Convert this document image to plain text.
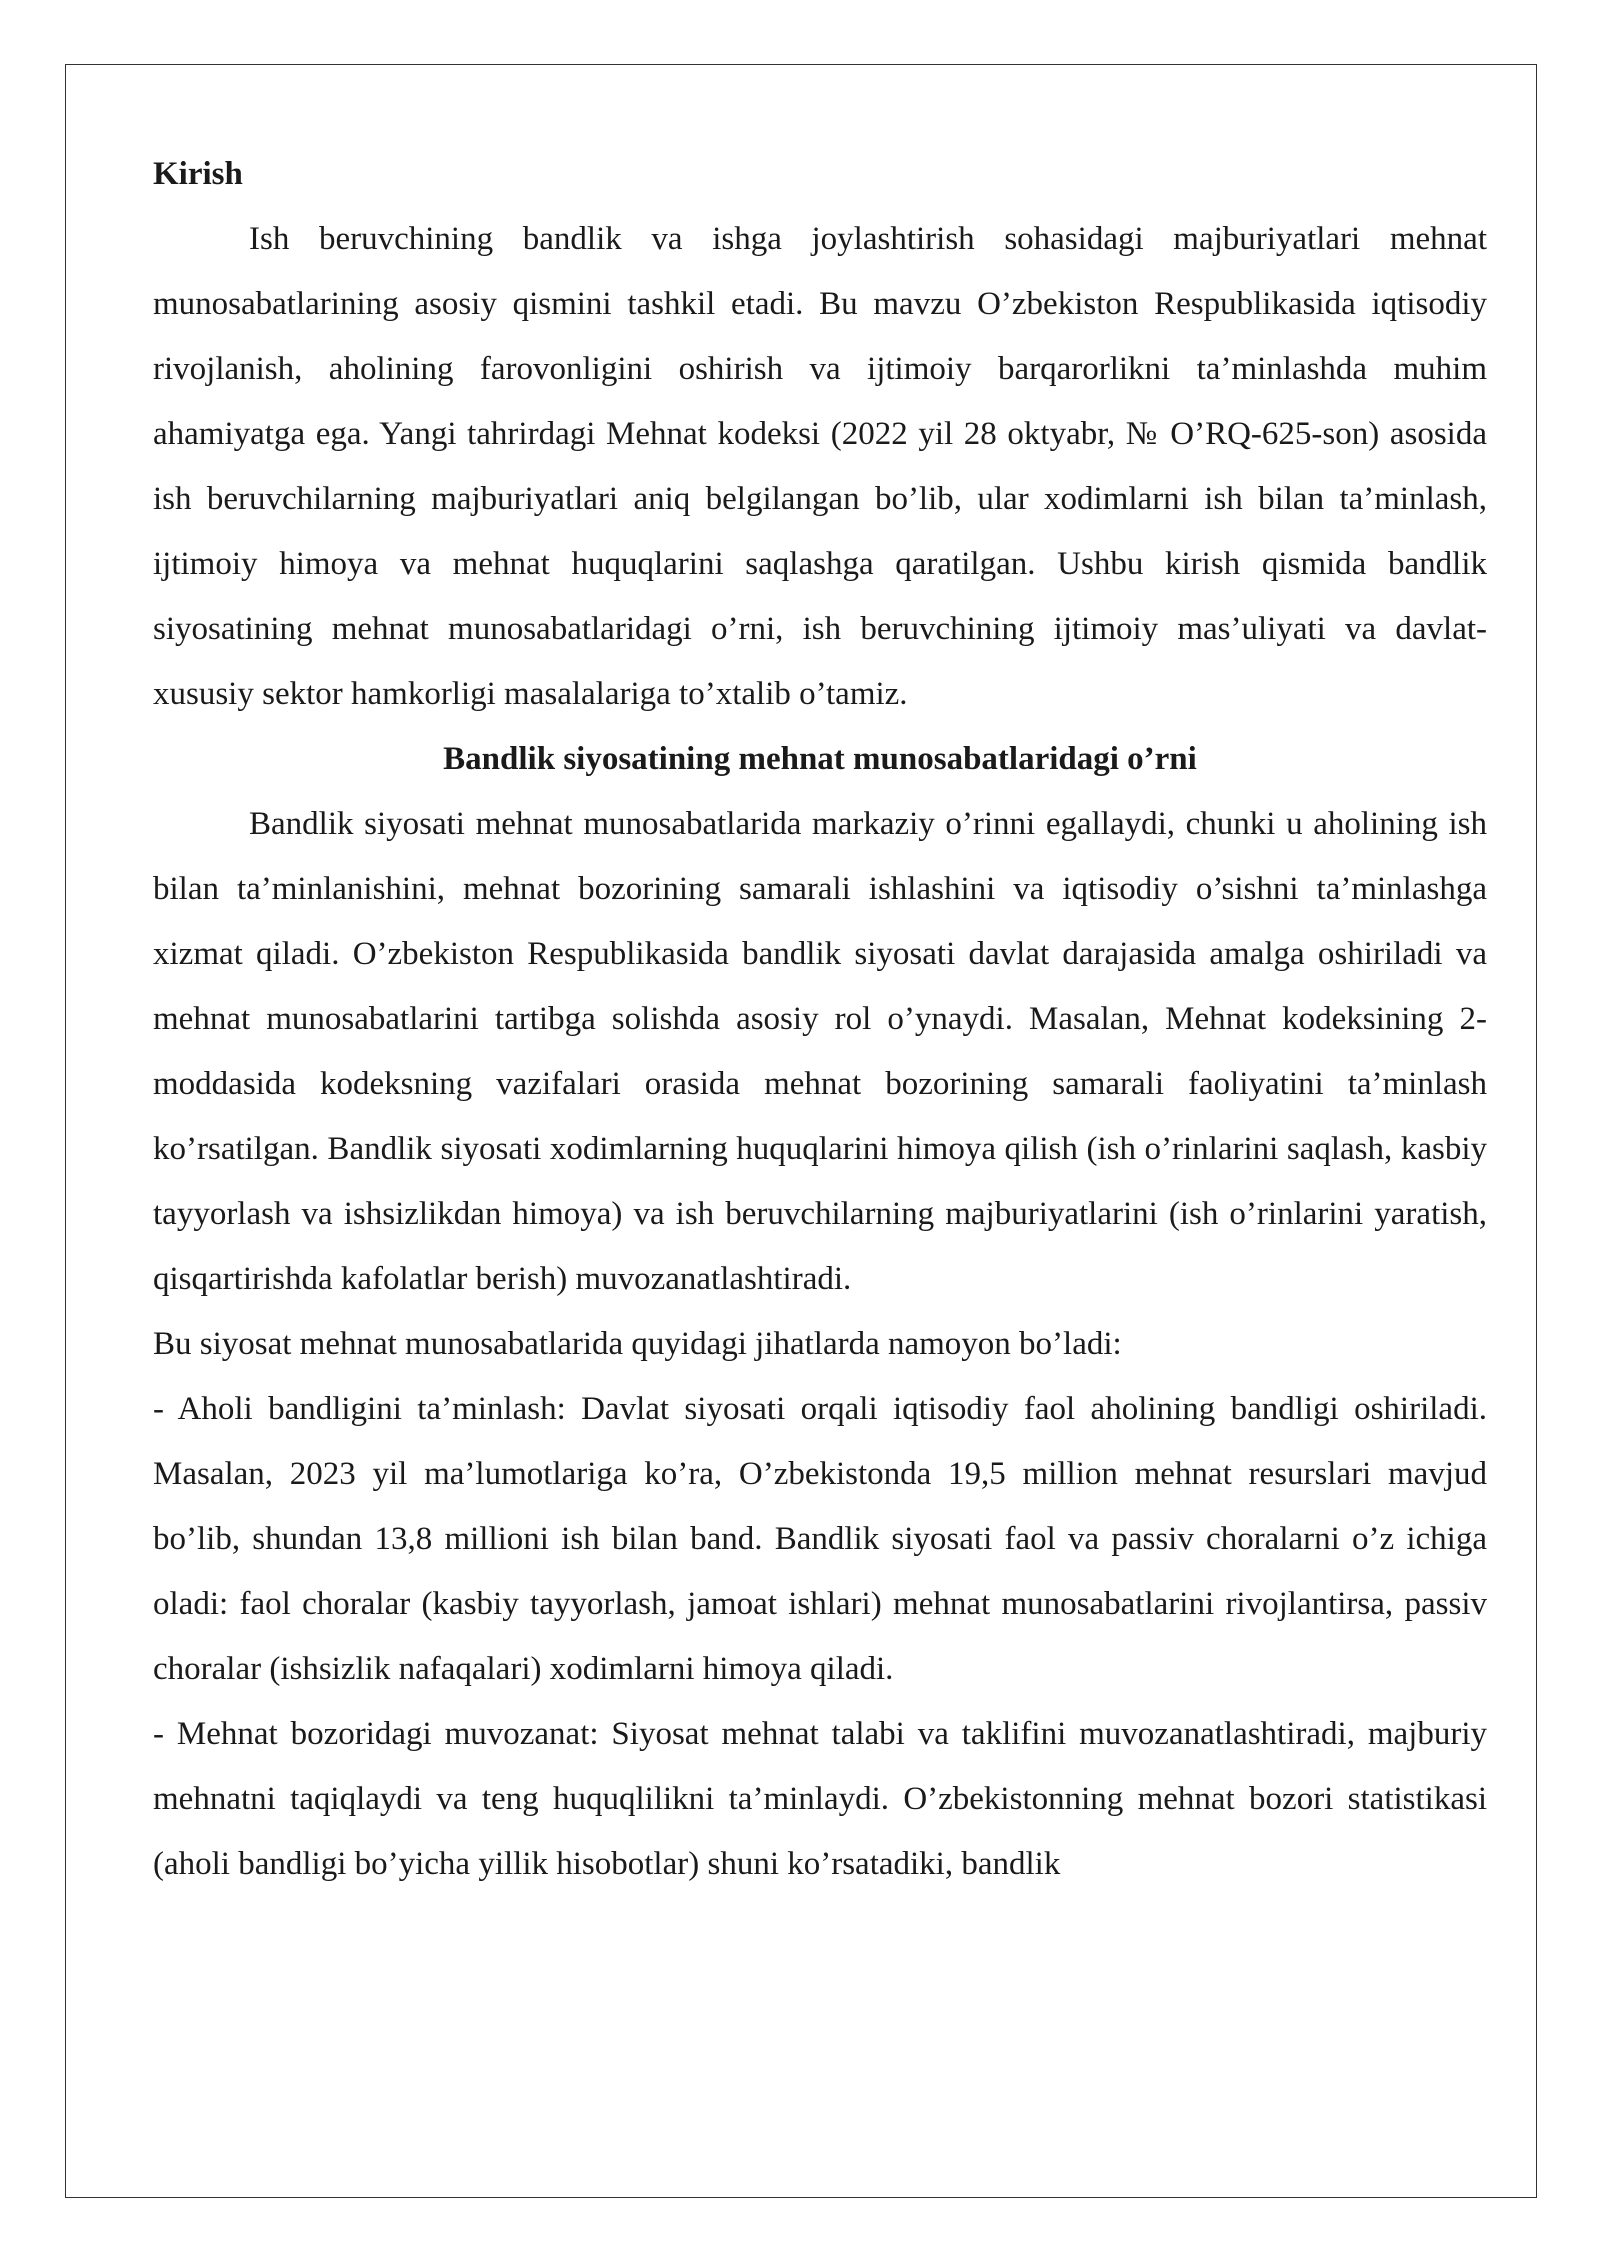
Kirish

Ish beruvchining bandlik va ishga joylashtirish sohasidagi majburiyatlari mehnat munosabatlarining asosiy qismini tashkil etadi. Bu mavzu O’zbekiston Respublikasida iqtisodiy rivojlanish, aholining farovonligini oshirish va ijtimoiy barqarorlikni ta’minlashda muhim ahamiyatga ega. Yangi tahrirdagi Mehnat kodeksi (2022 yil 28 oktyabr, № O’RQ-625-son) asosida ish beruvchilarning majburiyatlari aniq belgilangan bo’lib, ular xodimlarni ish bilan ta’minlash, ijtimoiy himoya va mehnat huquqlarini saqlashga qaratilgan. Ushbu kirish qismida bandlik siyosatining mehnat munosabatlaridagi o’rni, ish beruvchining ijtimoiy mas’uliyati va davlat-xususiy sektor hamkorligi masalalariga to’xtalib o’tamiz.

Bandlik siyosatining mehnat munosabatlaridagi o’rni

Bandlik siyosati mehnat munosabatlarida markaziy o’rinni egallaydi, chunki u aholining ish bilan ta’minlanishini, mehnat bozorining samarali ishlashini va iqtisodiy o’sishni ta’minlashga xizmat qiladi. O’zbekiston Respublikasida bandlik siyosati davlat darajasida amalga oshiriladi va mehnat munosabatlarini tartibga solishda asosiy rol o’ynaydi. Masalan, Mehnat kodeksining 2-moddasida kodeksning vazifalari orasida mehnat bozorining samarali faoliyatini ta’minlash ko’rsatilgan. Bandlik siyosati xodimlarning huquqlarini himoya qilish (ish o’rinlarini saqlash, kasbiy tayyorlash va ishsizlikdan himoya) va ish beruvchilarning majburiyatlarini (ish o’rinlarini yaratish, qisqartirishda kafolatlar berish) muvozanatlashtiradi.

Bu siyosat mehnat munosabatlarida quyidagi jihatlarda namoyon bo’ladi:

- Aholi bandligini ta’minlash: Davlat siyosati orqali iqtisodiy faol aholining bandligi oshiriladi. Masalan, 2023 yil ma’lumotlariga ko’ra, O’zbekistonda 19,5 million mehnat resurslari mavjud bo’lib, shundan 13,8 millioni ish bilan band. Bandlik siyosati faol va passiv choralarni o’z ichiga oladi: faol choralar (kasbiy tayyorlash, jamoat ishlari) mehnat munosabatlarini rivojlantirsa, passiv choralar (ishsizlik nafaqalari) xodimlarni himoya qiladi.

- Mehnat bozoridagi muvozanat: Siyosat mehnat talabi va taklifini muvozanatlashtiradi, majburiy mehnatni taqiqlaydi va teng huquqlilikni ta’minlaydi. O’zbekistonning mehnat bozori statistikasi (aholi bandligi bo’yicha yillik hisobotlar) shuni ko’rsatadiki, bandlik
